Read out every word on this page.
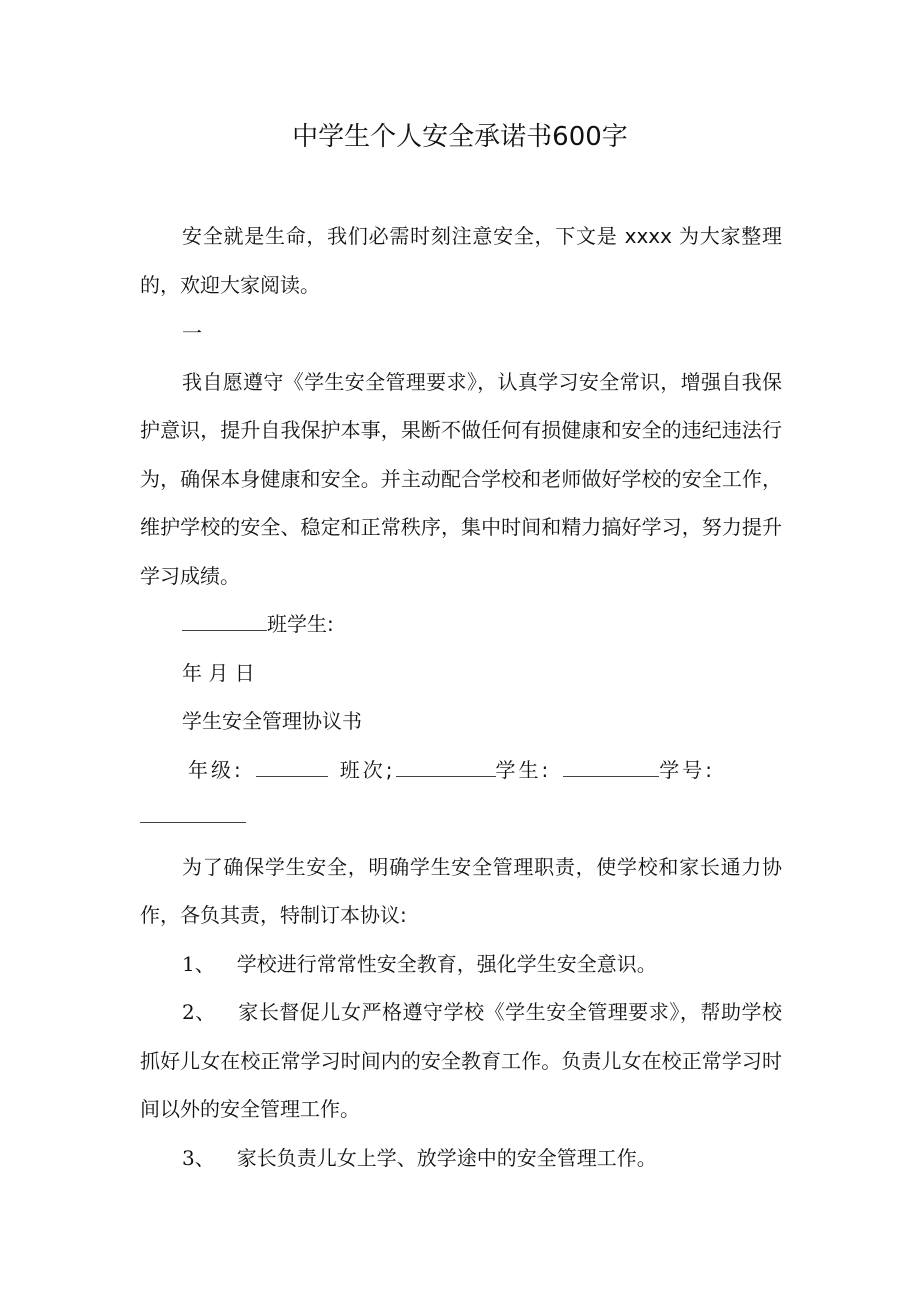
中学生个人安全承诺书600字

安全就是生命，我们必需时刻注意安全，下文是 xxxx 为大家整理的，欢迎大家阅读。

一

我自愿遵守《学生安全管理要求》，认真学习安全常识，增强自我保护意识，提升自我保护本事，果断不做任何有损健康和安全的违纪违法行为，确保本身健康和安全。并主动配合学校和老师做好学校的安全工作，维护学校的安全、稳定和正常秩序，集中时间和精力搞好学习，努力提升学习成绩。

班学生:

年 月 日

学生安全管理协议书

年级:	班次;	学生:	学号:

为了确保学生安全，明确学生安全管理职责，使学校和家长通力协作，各负其责，特制订本协议:

1、 学校进行常常性安全教育，强化学生安全意识。

2、 家长督促儿女严格遵守学校《学生安全管理要求》，帮助学校抓好儿女在校正常学习时间内的安全教育工作。负责儿女在校正常学习时间以外的安全管理工作。

3、 家长负责儿女上学、放学途中的安全管理工作。
